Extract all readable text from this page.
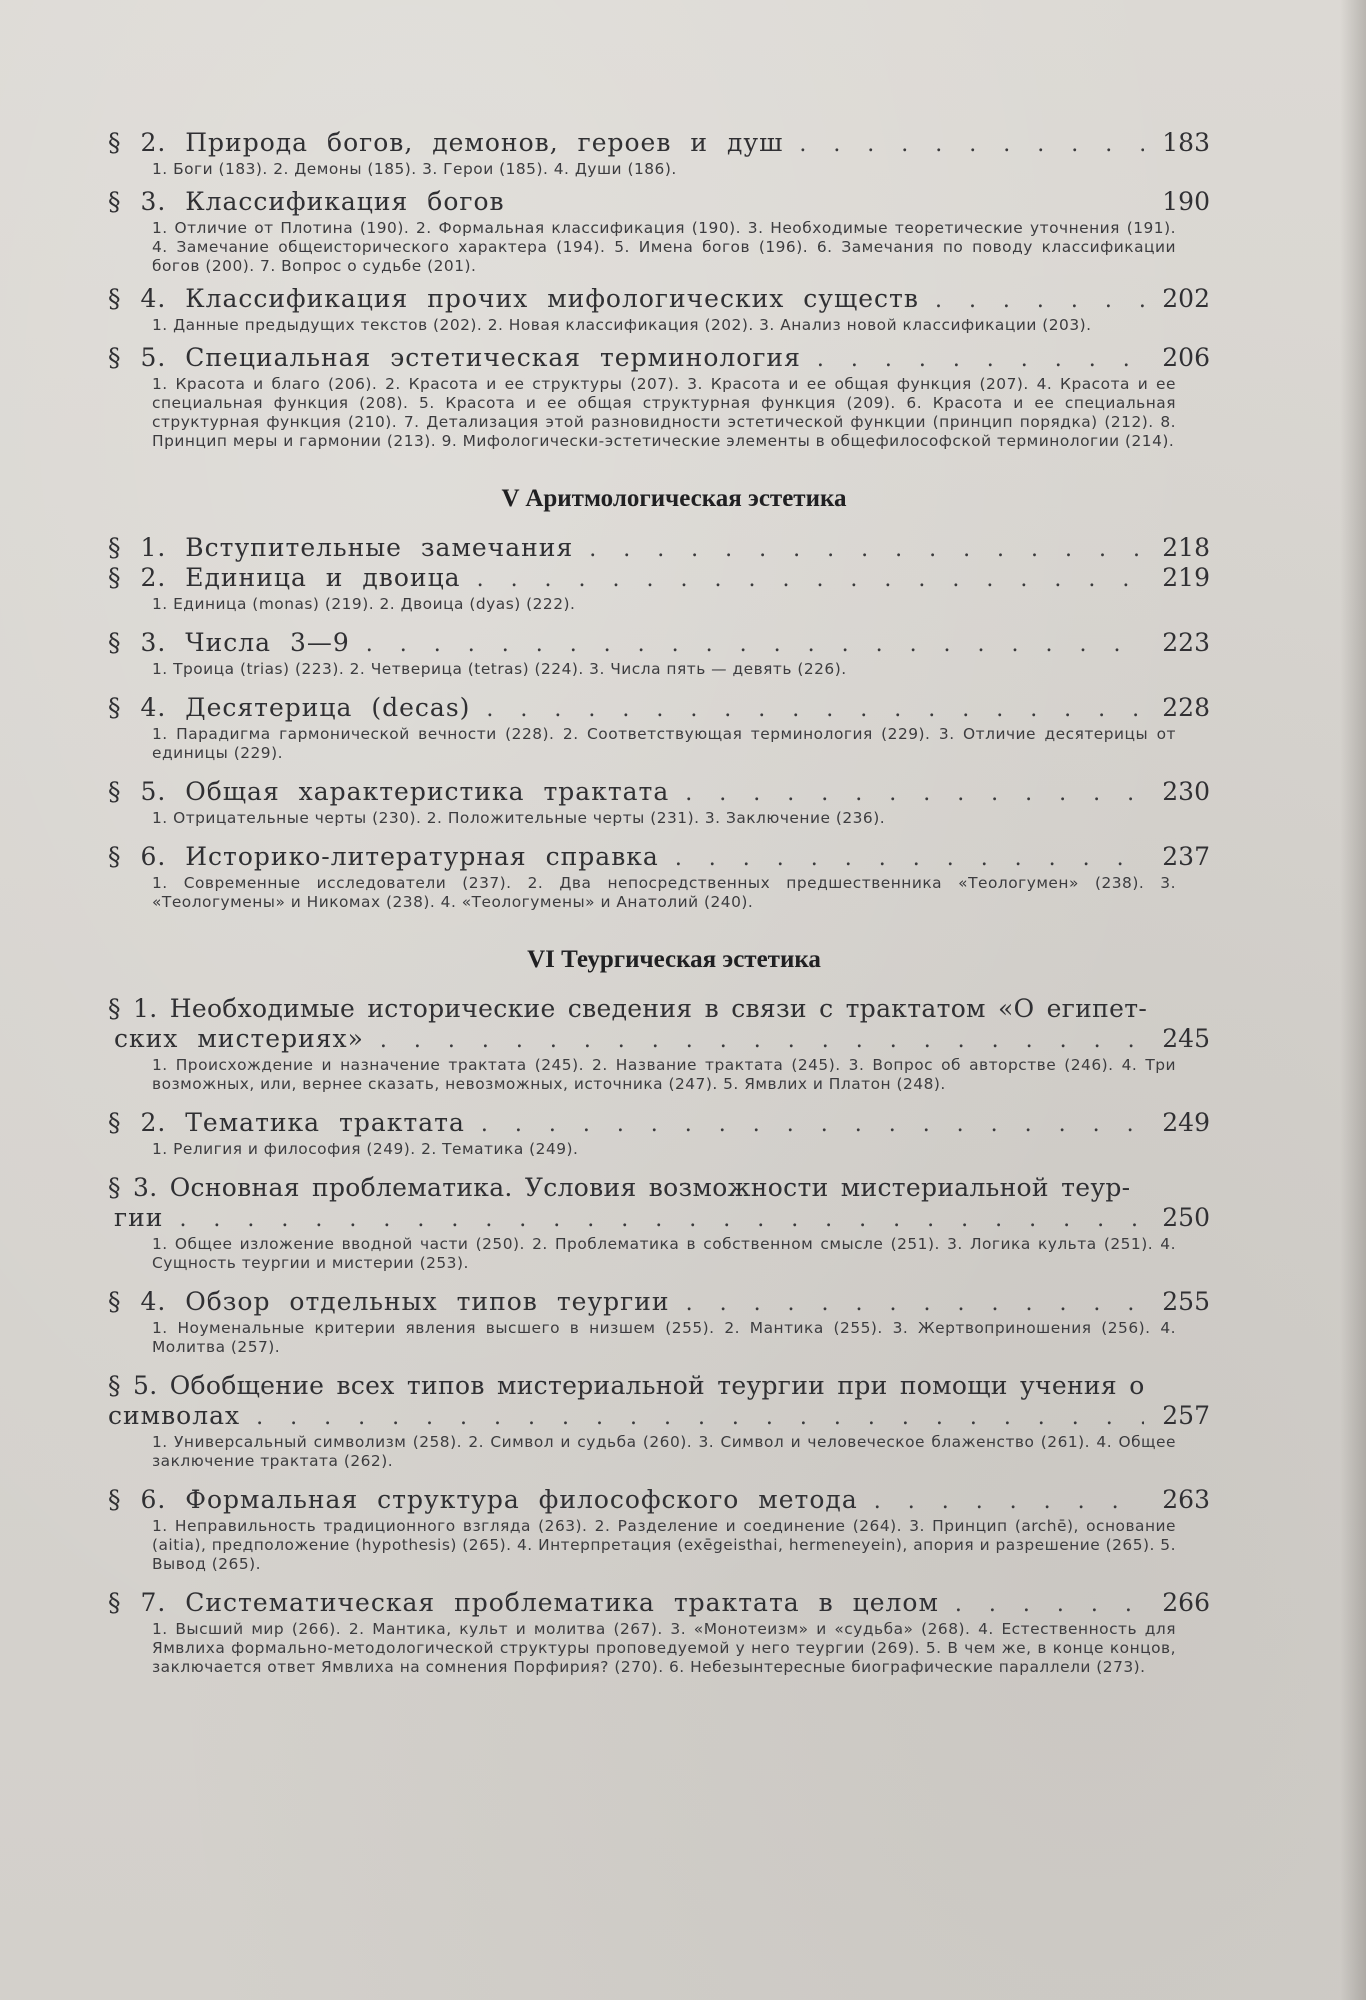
§ 2. Природа богов, демонов, героев и душ . . .	183
1. Боги (183). 2. Демоны (185). 3. Герои (185). 4. Души (186).
§ 3. Классификация богов	190
1. Отличие от Плотина (190). 2. Формальная классификация (190). 3. Необходимые теоретические уточнения (191). 4. Замечание общеисторического характера (194). 5. Имена богов (196). 6. Замечания по поводу классификации богов (200). 7. Вопрос о судьбе (201).
§ 4. Классификация прочих мифологических существ . . .	202
1. Данные предыдущих текстов (202). 2. Новая классификация (202). 3. Анализ новой классификации (203).
§ 5. Специальная эстетическая терминология . . .	206
1. Красота и благо (206). 2. Красота и ее структуры (207). 3. Красота и ее общая функция (207). 4. Красота и ее специальная функция (208). 5. Красота и ее общая структурная функция (209). 6. Красота и ее специальная структурная функция (210). 7. Детализация этой разновидности эстетической функции (принцип порядка) (212). 8. Принцип меры и гармонии (213). 9. Мифологически-эстетические элементы в общефилософской терминологии (214).
V Аритмологическая эстетика
§ 1. Вступительные замечания . . .	218
§ 2. Единица и двоица . . .	219
1. Единица (monas) (219). 2. Двоица (dyas) (222).
§ 3. Числа 3—9 . . .	223
1. Троица (trias) (223). 2. Четверица (tetras) (224). 3. Числа пять — девять (226).
§ 4. Десятерица (decas) . . .	228
1. Парадигма гармонической вечности (228). 2. Соответствующая терминология (229). 3. Отличие десятерицы от единицы (229).
§ 5. Общая характеристика трактата . . .	230
1. Отрицательные черты (230). 2. Положительные черты (231). 3. Заключение (236).
§ 6. Историко-литературная справка . . .	237
1. Современные исследователи (237). 2. Два непосредственных предшественника «Теологумен» (238). 3. «Теологумены» и Никомах (238). 4. «Теологумены» и Анатолий (240).
VI Теургическая эстетика
§ 1. Необходимые исторические сведения в связи с трактатом «О египет-
ских мистериях» . . .	245
1. Происхождение и назначение трактата (245). 2. Название трактата (245). 3. Вопрос об авторстве (246). 4. Три возможных, или, вернее сказать, невозможных, источника (247). 5. Ямвлих и Платон (248).
§ 2. Тематика трактата . . .	249
1. Религия и философия (249). 2. Тематика (249).
§ 3. Основная проблематика. Условия возможности мистериальной теур-
гии . . .	250
1. Общее изложение вводной части (250). 2. Проблематика в собственном смысле (251). 3. Логика культа (251). 4. Сущность теургии и мистерии (253).
§ 4. Обзор отдельных типов теургии . . .	255
1. Ноуменальные критерии явления высшего в низшем (255). 2. Мантика (255). 3. Жертвоприношения (256). 4. Молитва (257).
§ 5. Обобщение всех типов мистериальной теургии при помощи учения о
символах . . .	257
1. Универсальный символизм (258). 2. Символ и судьба (260). 3. Символ и человеческое блаженство (261). 4. Общее заключение трактата (262).
§ 6. Формальная структура философского метода . . .	263
1. Неправильность традиционного взгляда (263). 2. Разделение и соединение (264). 3. Принцип (archē), основание (aitia), предположение (hypothesis) (265). 4. Интерпретация (exēgeisthai, hermeneyein), апория и разрешение (265). 5. Вывод (265).
§ 7. Систематическая проблематика трактата в целом . . .	266
1. Высший мир (266). 2. Мантика, культ и молитва (267). 3. «Монотеизм» и «судьба» (268). 4. Естественность для Ямвлиха формально-методологической структуры проповедуемой у него теургии (269). 5. В чем же, в конце концов, заключается ответ Ямвлиха на сомнения Порфирия? (270). 6. Небезынтересные биографические параллели (273).
